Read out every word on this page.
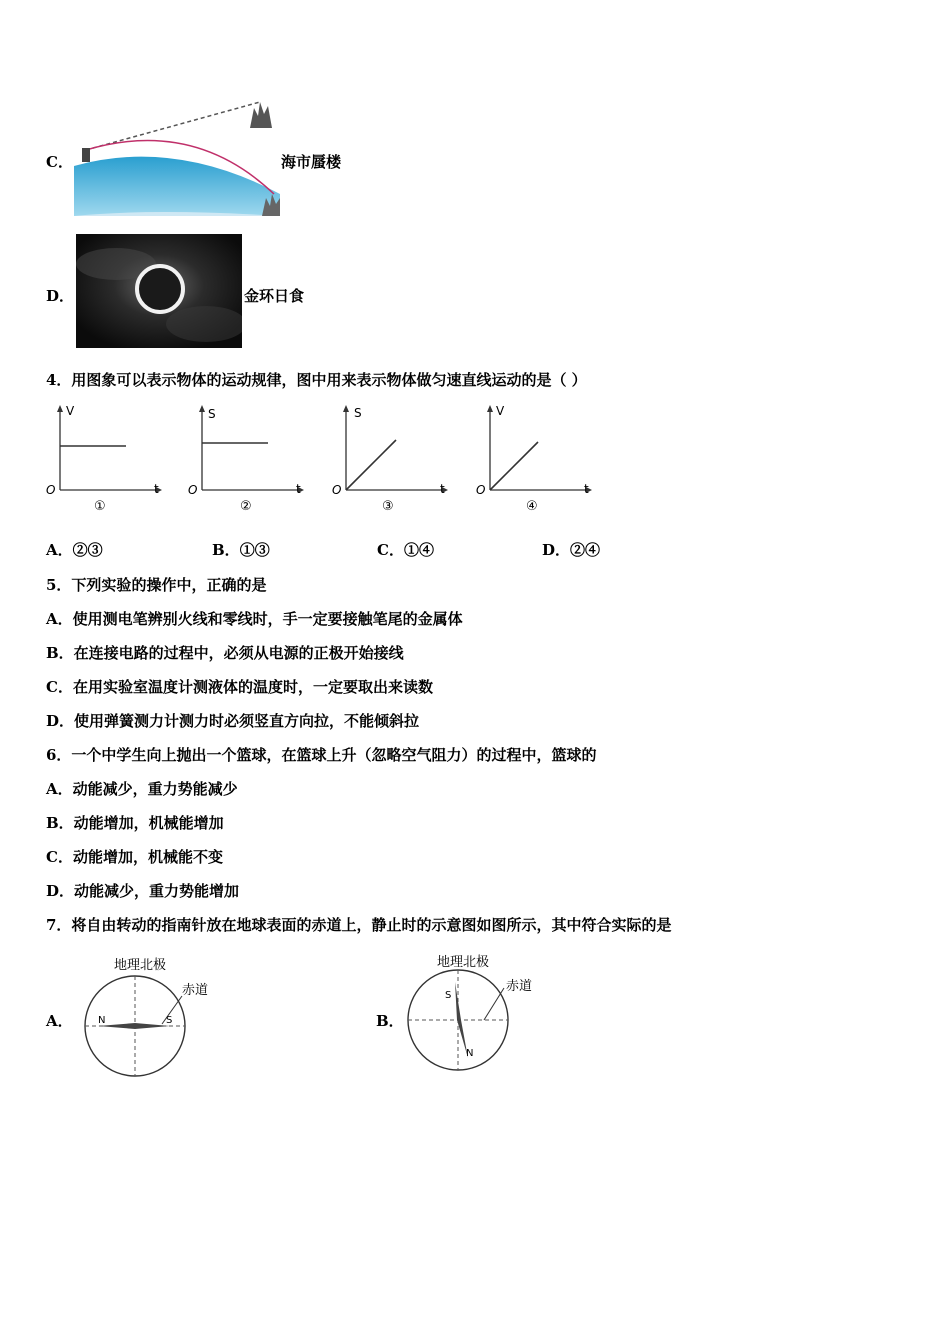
C．	海市蜃楼
D．	金环日食
4．用图象可以表示物体的运动规律，图中用来表示物体做匀速直线运动的是（ ）
V
t
O
①
S
t
O
②
S
t
O
③
V
t
O
④
A．②③	B．①③	C．①④	D．②④
5．下列实验的操作中，正确的是
A．使用测电笔辨别火线和零线时，手一定要接触笔尾的金属体
B．在连接电路的过程中，必须从电源的正极开始接线
C．在用实验室温度计测液体的温度时，一定要取出来读数
D．使用弹簧测力计测力时必须竖直方向拉，不能倾斜拉
6．一个中学生向上抛出一个篮球，在篮球上升（忽略空气阻力）的过程中，篮球的
A．动能减少，重力势能减少
B．动能增加，机械能增加
C．动能增加，机械能不变
D．动能减少，重力势能增加
7．将自由转动的指南针放在地球表面的赤道上，静止时的示意图如图所示，其中符合实际的是
A．
地理北极
赤道
N	S	B．
地理北极
赤道
S
N
